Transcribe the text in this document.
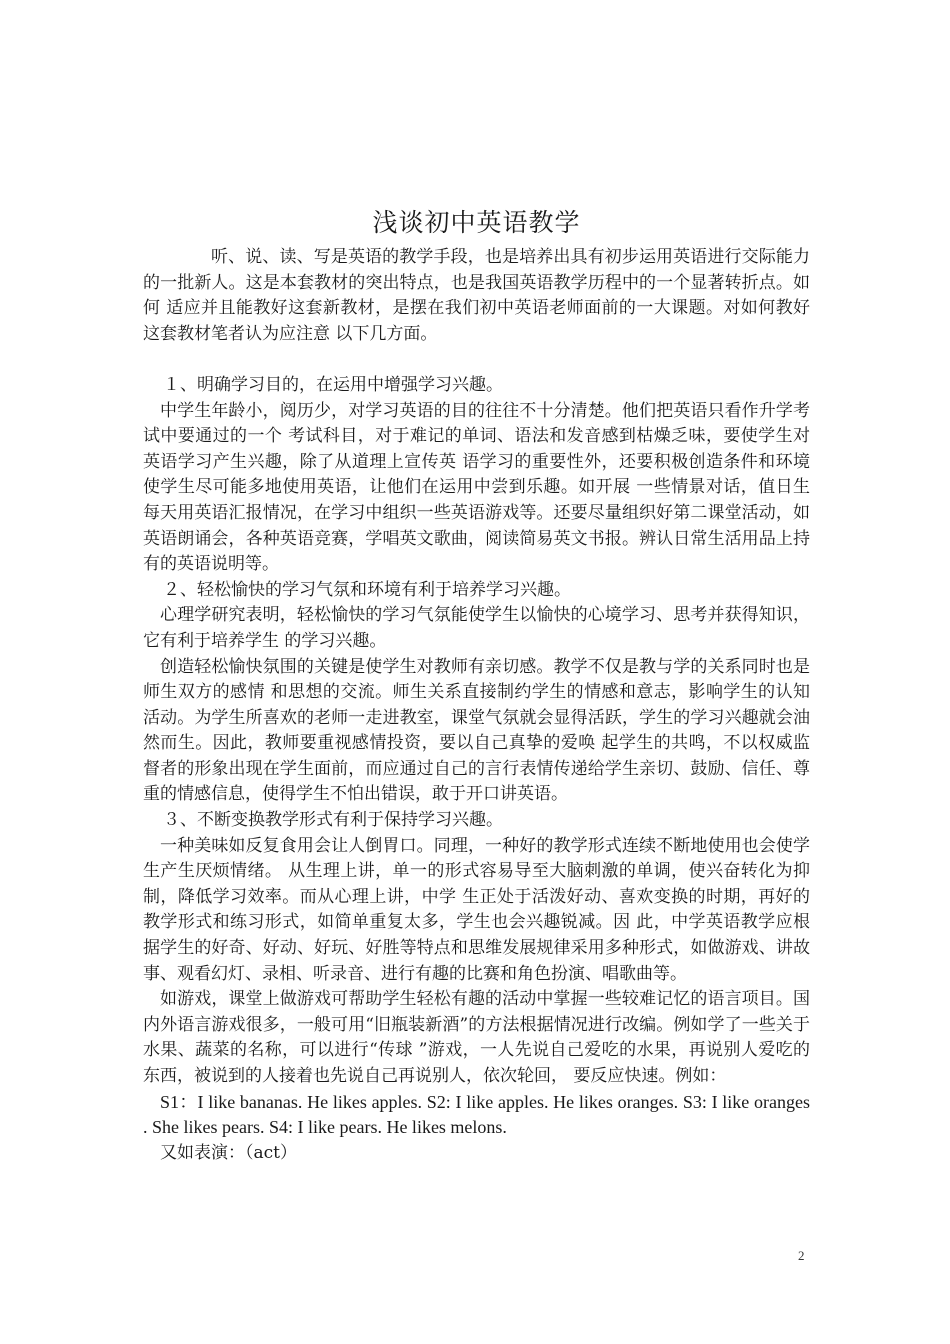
浅谈初中英语教学

听、说、读、写是英语的教学手段，也是培养出具有初步运用英语进行交际能力的一批新人。这是本套教材的突出特点，也是我国英语教学历程中的一个显著转折点。如何 适应并且能教好这套新教材，是摆在我们初中英语老师面前的一大课题。对如何教好这套教材笔者认为应注意 以下几方面。

１、明确学习目的，在运用中增强学习兴趣。

中学生年龄小，阅历少，对学习英语的目的往往不十分清楚。他们把英语只看作升学考试中要通过的一个 考试科目，对于难记的单词、语法和发音感到枯燥乏味，要使学生对英语学习产生兴趣，除了从道理上宣传英 语学习的重要性外，还要积极创造条件和环境使学生尽可能多地使用英语，让他们在运用中尝到乐趣。如开展 一些情景对话，值日生每天用英语汇报情况，在学习中组织一些英语游戏等。还要尽量组织好第二课堂活动，如英语朗诵会，各种英语竞赛，学唱英文歌曲，阅读简易英文书报。辨认日常生活用品上持有的英语说明等。

２、轻松愉快的学习气氛和环境有利于培养学习兴趣。

心理学研究表明，轻松愉快的学习气氛能使学生以愉快的心境学习、思考并获得知识，它有利于培养学生 的学习兴趣。

创造轻松愉快氛围的关键是使学生对教师有亲切感。教学不仅是教与学的关系同时也是师生双方的感情 和思想的交流。师生关系直接制约学生的情感和意志，影响学生的认知活动。为学生所喜欢的老师一走进教室，课堂气氛就会显得活跃，学生的学习兴趣就会油然而生。因此，教师要重视感情投资，要以自己真挚的爱唤 起学生的共鸣，不以权威监督者的形象出现在学生面前，而应通过自己的言行表情传递给学生亲切、鼓励、信任、尊重的情感信息，使得学生不怕出错误，敢于开口讲英语。

３、不断变换教学形式有利于保持学习兴趣。

一种美味如反复食用会让人倒胃口。同理，一种好的教学形式连续不断地使用也会使学生产生厌烦情绪。 从生理上讲，单一的形式容易导至大脑刺激的单调，使兴奋转化为抑制，降低学习效率。而从心理上讲，中学 生正处于活泼好动、喜欢变换的时期，再好的教学形式和练习形式，如简单重复太多，学生也会兴趣锐减。因 此，中学英语教学应根据学生的好奇、好动、好玩、好胜等特点和思维发展规律采用多种形式，如做游戏、讲故事、观看幻灯、录相、听录音、进行有趣的比赛和角色扮演、唱歌曲等。

如游戏，课堂上做游戏可帮助学生轻松有趣的活动中掌握一些较难记忆的语言项目。国内外语言游戏很多，一般可用“旧瓶装新酒”的方法根据情况进行改编。例如学了一些关于水果、蔬菜的名称，可以进行“传球 ”游戏，一人先说自己爱吃的水果，再说别人爱吃的东西，被说到的人接着也先说自己再说别人，依次轮回， 要反应快速。例如：

S1：I like bananas. He likes apples. S2: I like apples. He likes oranges. S3: I like oranges . She likes pears. S4: I like pears. He likes melons.

又如表演：（act）

2
